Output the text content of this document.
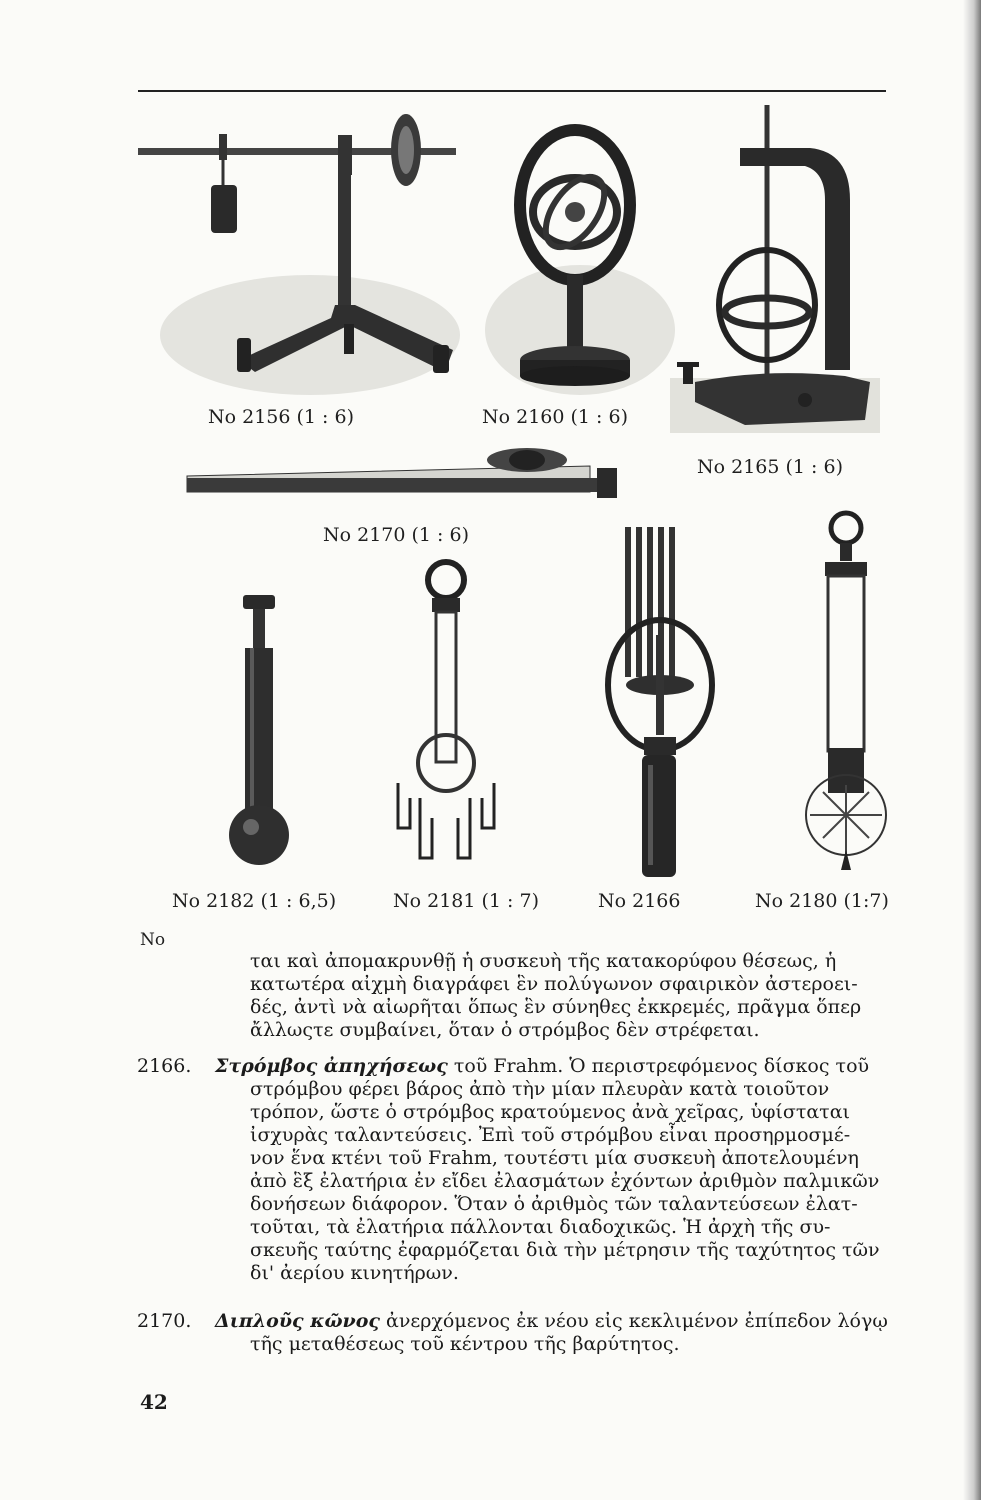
No 2156 (1 : 6)	No 2160 (1 : 6)
No 2165 (1 : 6)
No 2170 (1 : 6)
No 2182 (1 : 6,5)	No 2181 (1 : 7)	No 2166	No 2180 (1:7)
No
ται καὶ ἀπομακρυνθῇ ἡ συσκευὴ τῆς κατακορύφου θέσεως, ἡ
κατωτέρα αἰχμὴ διαγράφει ἓν πολύγωνον σφαιρικὸν ἀστεροει-
δές, ἀντὶ νὰ αἰωρῆται ὅπως ἓν σύνηθες ἐκκρεμές, πρᾶγμα ὅπερ
ἄλλωςτε συμβαίνει, ὅταν ὁ στρόμβος δὲν στρέφεται.
2166. Στρόμβος ἀπηχήσεως τοῦ Frahm. Ὁ περιστρεφόμενος δίσκος τοῦ
στρόμβου φέρει βάρος ἀπὸ τὴν μίαν πλευρὰν κατὰ τοιοῦτον
τρόπον, ὥστε ὁ στρόμβος κρατούμενος ἀνὰ χεῖρας, ὑφίσταται
ἰσχυρὰς ταλαντεύσεις. Ἐπὶ τοῦ στρόμβου εἶναι προσηρμοσμέ-
νον ἕνα κτένι τοῦ Frahm, τουτέστι μία συσκευὴ ἀποτελουμένη
ἀπὸ ἓξ ἐλατήρια ἐν εἴδει ἐλασμάτων ἐχόντων ἀριθμὸν παλμικῶν
δονήσεων διάφορον. Ὅταν ὁ ἀριθμὸς τῶν ταλαντεύσεων ἐλατ-
τοῦται, τὰ ἐλατήρια πάλλονται διαδοχικῶς. Ἡ ἀρχὴ τῆς συ-
σκευῆς ταύτης ἐφαρμόζεται διὰ τὴν μέτρησιν τῆς ταχύτητος τῶν
δι' ἀερίου κινητήρων.
2170. Διπλοῦς κῶνος ἀνερχόμενος ἐκ νέου εἰς κεκλιμένον ἐπίπεδον λόγῳ
τῆς μεταθέσεως τοῦ κέντρου τῆς βαρύτητος.
42
